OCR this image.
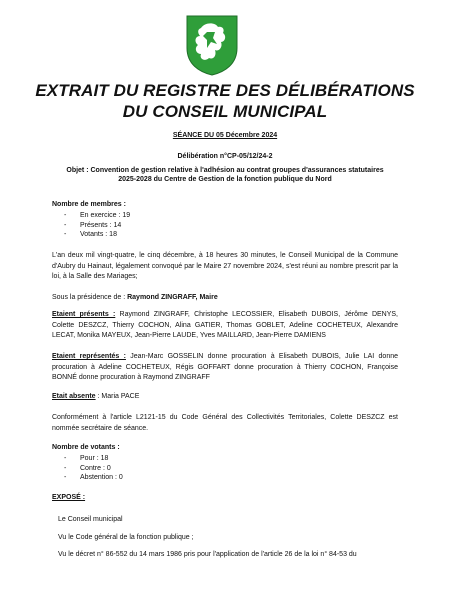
EXTRAIT DU REGISTRE DES DÉLIBÉRATIONS
DU CONSEIL MUNICIPAL
SÉANCE DU 05 Décembre 2024
Délibération n°CP-05/12/24-2
Objet : Convention de gestion relative à l'adhésion au contrat groupes d'assurances statutaires 2025-2028 du Centre de Gestion de la fonction publique du Nord
Nombre de membres :
- En exercice : 19
- Présents : 14
- Votants : 18
L'an deux mil vingt-quatre, le cinq décembre, à 18 heures 30 minutes, le Conseil Municipal de la Commune d'Aubry du Hainaut, légalement convoqué par le Maire 27 novembre 2024, s'est réuni au nombre prescrit par la loi, à la Salle des Mariages;
Sous la présidence de : Raymond ZINGRAFF, Maire
Etaient présents : Raymond ZINGRAFF, Christophe LECOSSIER, Elisabeth DUBOIS, Jérôme DENYS, Colette DESZCZ, Thierry COCHON, Alina GATIER, Thomas GOBLET, Adeline COCHETEUX, Alexandre LECAT, Monika MAYEUX, Jean-Pierre LAUDE, Yves MAILLARD, Jean-Pierre DAMIENS
Etaient représentés : Jean-Marc GOSSELIN donne procuration à Elisabeth DUBOIS, Julie LAI donne procuration à Adeline COCHETEUX, Régis GOFFART donne procuration à Thierry COCHON, Françoise BONNÉ donne procuration à Raymond ZINGRAFF
Etait absente : Maria PACE
Conformément à l'article L2121-15 du Code Général des Collectivités Territoriales, Colette DESZCZ est nommée secrétaire de séance.
Nombre de votants :
- Pour : 18
- Contre : 0
- Abstention : 0
EXPOSÉ :
Le Conseil municipal
Vu le Code général de la fonction publique ;
Vu le décret n° 86-552 du 14 mars 1986 pris pour l'application de l'article 26 de la loi n° 84-53 du
